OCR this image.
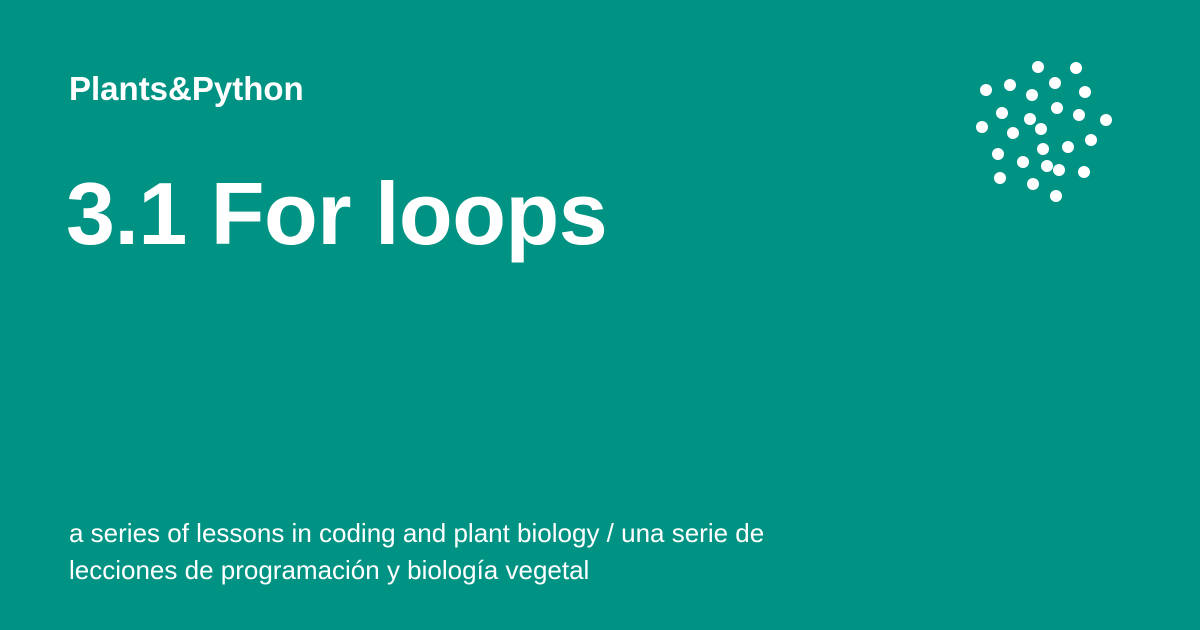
Plants&Python
3.1 For loops
a series of lessons in coding and plant biology / una serie de lecciones de programación y biología vegetal
